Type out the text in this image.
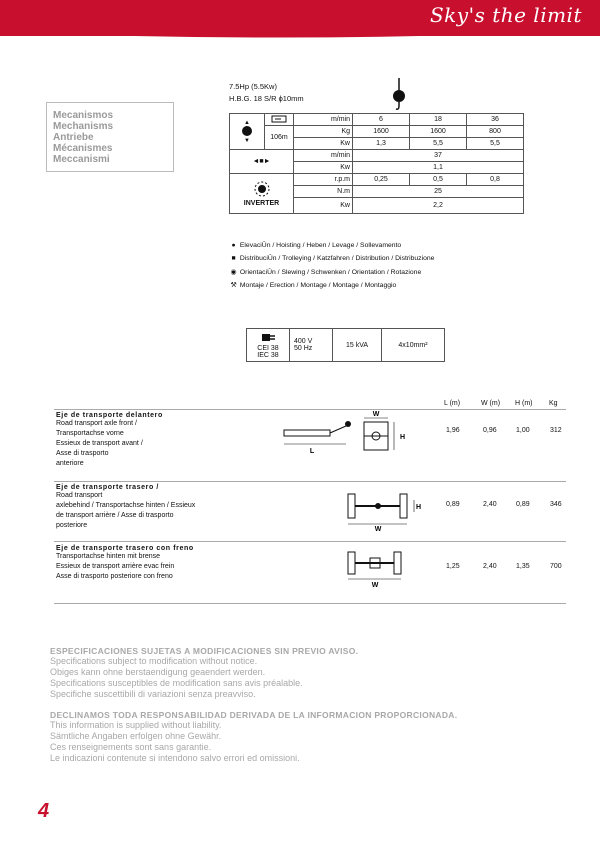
Sky's the limit
Mecanismos
Mechanisms
Antriebe
Mécanismes
Meccanismi
7.5Hp (5.5Kw)
H.B.G. 18 S/R ϕ10mm
▲
▼		m/min	6	18	36
	106m	Kg	1600	1600	800
		Kw	1,3	5,5	5,5
◄■►		m/min	37		
		Kw	1,1		

INVERTER		r.p.m	0,25	0,5	0,8
		N.m	25		
		Kw	2,2		
● ElevaciÛn / Hoisting / Heben / Levage / Sollevamento
■ DistribuciÛn / Trolleying / Katzfahren / Distribution / Distribuzione
◉ OrientaciÛn / Slewing / Schwenken / Orientation / Rotazione
⚒ Montaje / Erection / Montage / Montage / Montaggio
CEI 38
IEC 38

400 V
50 Hz	15 kVA	4x10mm²
L (m)	W (m) H (m) Kg
Eje de transporte delantero
Road transport axle front /
Transportachse vorne
Essieux de transport avant /
Asse di trasporto
anteriore
L
W
H
1,96	0,96	1,00	312
Eje de transporte trasero /
Road transport
axlebehind / Transportachse hinten / Essieux
de transport arrière / Asse di trasporto
posteriore
W
H	0,89	2,40	0,89	346
Eje de transporte trasero con freno
Transportachse hinten mit brense
Essieux de transport arrière evac frein
Asse di trasporto posteriore con freno
W
1,25	2,40	1,35	700
ESPECIFICACIONES SUJETAS A MODIFICACIONES SIN PREVIO AVISO.
Specifications subject to modification without notice.
Obiges kann ohne berstaendigung geaendert werden.
Specifications susceptibles de modification sans avis préalable.
Specifiche suscettibili di variazioni senza preavviso.
DECLINAMOS TODA RESPONSABILIDAD DERIVADA DE LA INFORMACION PROPORCIONADA.
This information is supplied without liability.
Sämtliche Angaben erfolgen ohne Gewähr.
Ces renseignements sont sans garantie.
Le indicazioni contenute si intendono salvo errori ed omissioni.
4
